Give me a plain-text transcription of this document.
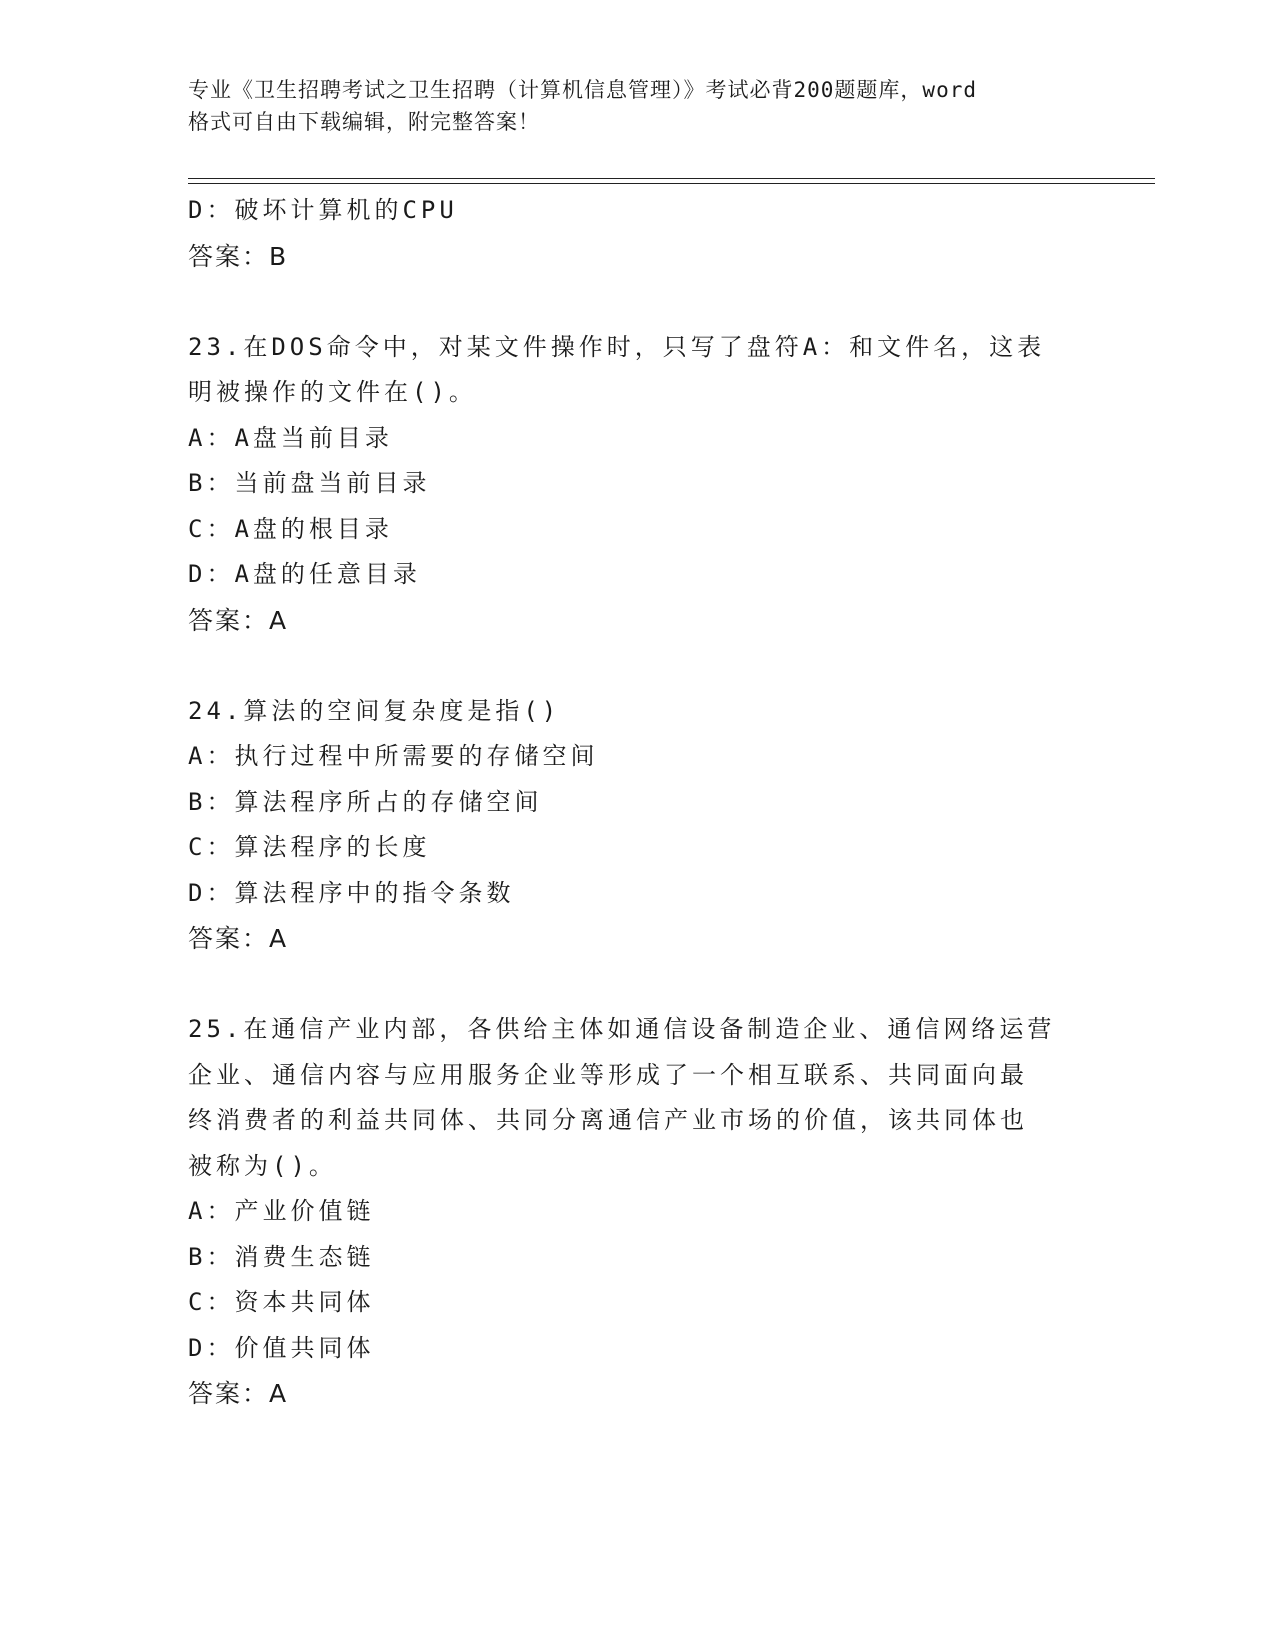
专业《卫生招聘考试之卫生招聘（计算机信息管理）》考试必背200题题库，word
格式可自由下载编辑，附完整答案！
D：破坏计算机的CPU
答案：B
23.在DOS命令中，对某文件操作时，只写了盘符A：和文件名，这表
明被操作的文件在()。
A：A盘当前目录
B：当前盘当前目录
C：A盘的根目录
D：A盘的任意目录
答案：A
24.算法的空间复杂度是指()
A：执行过程中所需要的存储空间
B：算法程序所占的存储空间
C：算法程序的长度
D：算法程序中的指令条数
答案：A
25.在通信产业内部，各供给主体如通信设备制造企业、通信网络运营
企业、通信内容与应用服务企业等形成了一个相互联系、共同面向最
终消费者的利益共同体、共同分离通信产业市场的价值，该共同体也
被称为()。
A：产业价值链
B：消费生态链
C：资本共同体
D：价值共同体
答案：A
